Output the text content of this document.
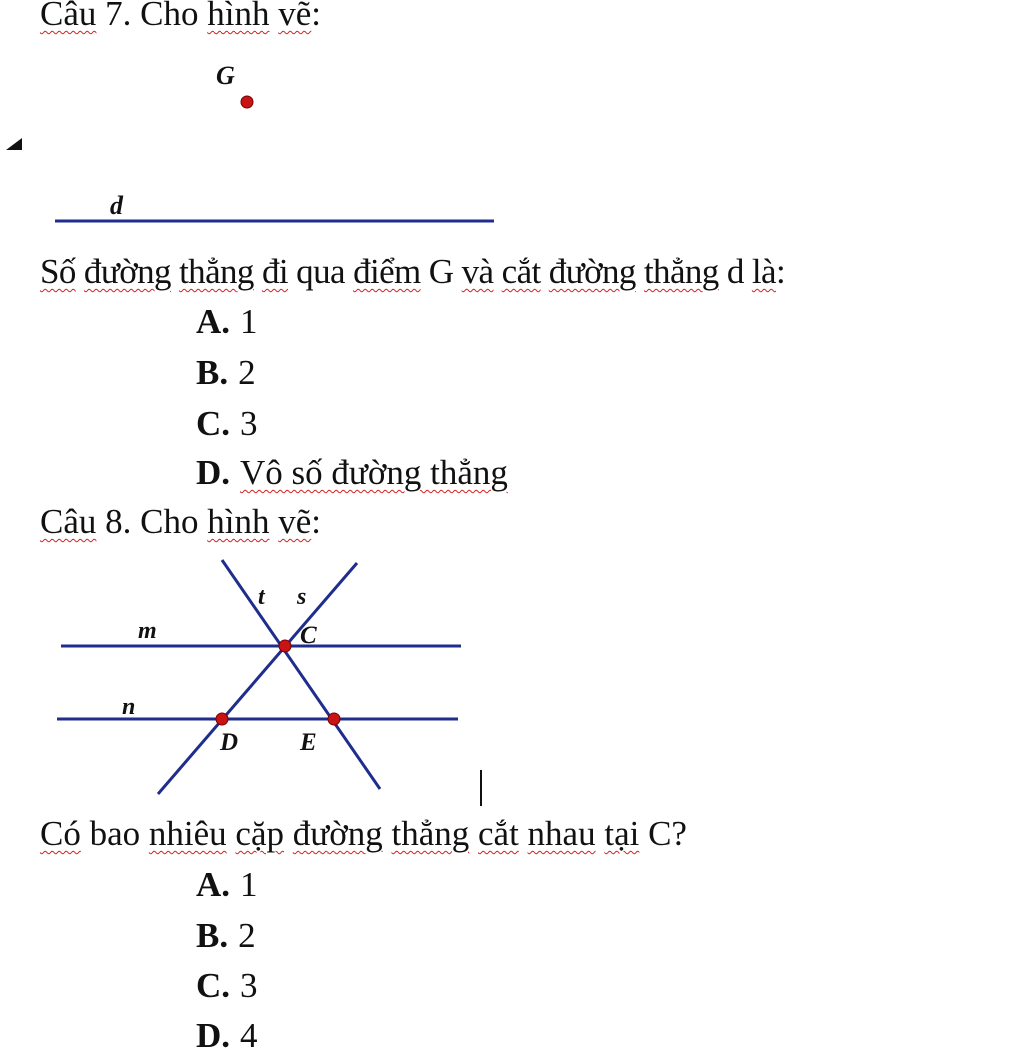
Câu 7. Cho hình vẽ:
G
d
t s
m
n
C
D E
Số đường thẳng đi qua điểm G và cắt đường thẳng d là:
A. 1
B. 2
C. 3
D. Vô số đường thẳng
Câu 8. Cho hình vẽ:
Có bao nhiêu cặp đường thẳng cắt nhau tại C?
A. 1
B. 2
C. 3
D. 4
